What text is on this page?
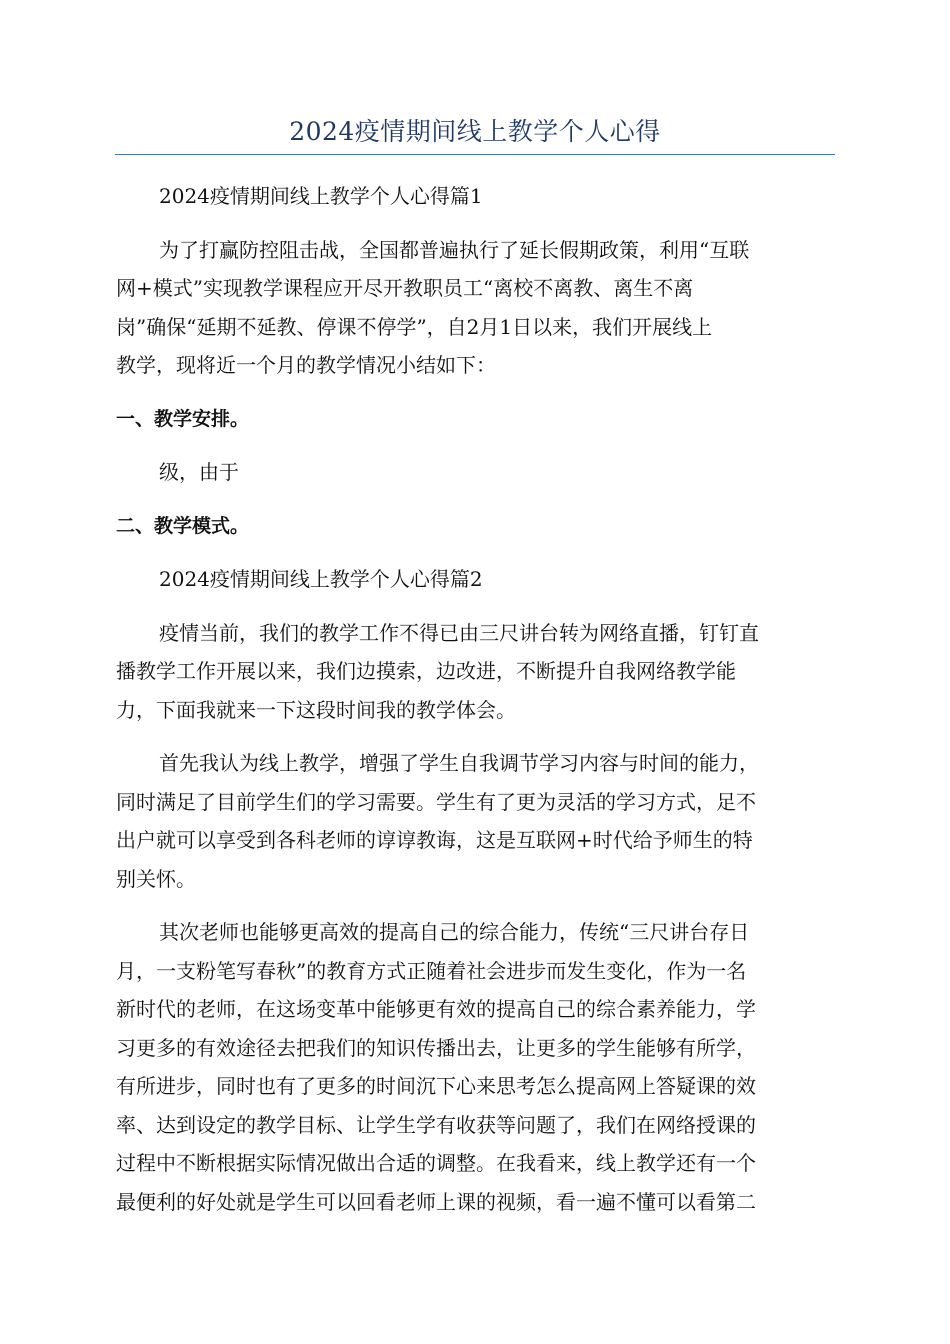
2024疫情期间线上教学个人心得

2024疫情期间线上教学个人心得篇1

为了打赢防控阻击战，全国都普遍执行了延长假期政策，利用“互联
网+模式”实现教学课程应开尽开教职员工“离校不离教、离生不离
岗”确保“延期不延教、停课不停学”，自2月1日以来，我们开展线上
教学，现将近一个月的教学情况小结如下：

一、教学安排。

级，由于

二、教学模式。

2024疫情期间线上教学个人心得篇2

疫情当前，我们的教学工作不得已由三尺讲台转为网络直播，钉钉直
播教学工作开展以来，我们边摸索，边改进，不断提升自我网络教学能
力，下面我就来一下这段时间我的教学体会。

首先我认为线上教学，增强了学生自我调节学习内容与时间的能力，
同时满足了目前学生们的学习需要。学生有了更为灵活的学习方式，足不
出户就可以享受到各科老师的谆谆教诲，这是互联网+时代给予师生的特
别关怀。

其次老师也能够更高效的提高自己的综合能力，传统“三尺讲台存日
月，一支粉笔写春秋”的教育方式正随着社会进步而发生变化，作为一名
新时代的老师，在这场变革中能够更有效的提高自己的综合素养能力，学
习更多的有效途径去把我们的知识传播出去，让更多的学生能够有所学，
有所进步，同时也有了更多的时间沉下心来思考怎么提高网上答疑课的效
率、达到设定的教学目标、让学生学有收获等问题了，我们在网络授课的
过程中不断根据实际情况做出合适的调整。在我看来，线上教学还有一个
最便利的好处就是学生可以回看老师上课的视频，看一遍不懂可以看第二
